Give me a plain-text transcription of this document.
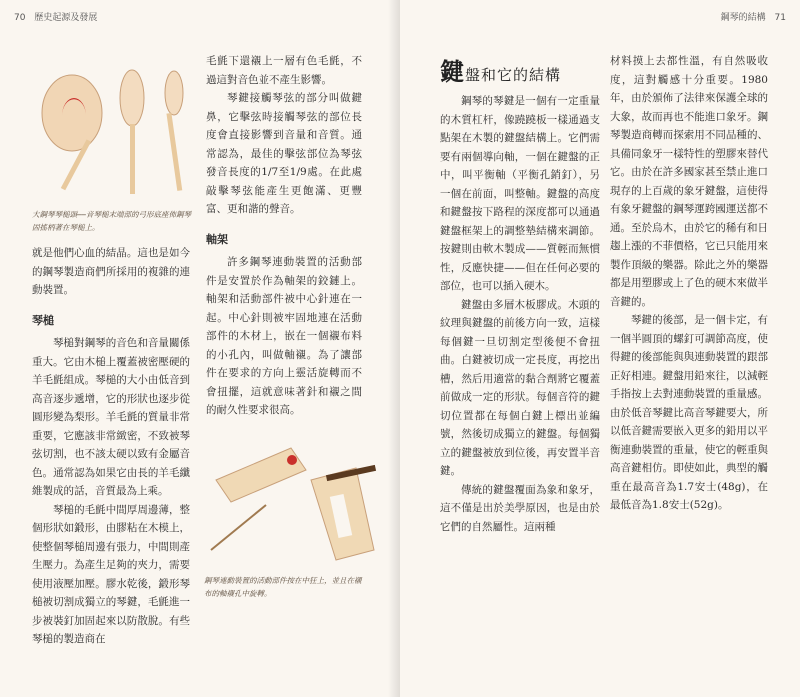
70 歷史起源及發展
大鋼琴琴槌頭——音琴槌末端部的弓形底座佈鋼琴固搖柄著在琴槌上。

就是他們心血的結晶。這也是如今的鋼琴製造商們所採用的複雜的連動裝置。

琴槌

琴槌對鋼琴的音色和音量關係重大。它由木槌上覆蓋被密壓硬的羊毛氈組成。琴槌的大小由低音到高音逐步遞增，它的形狀也逐步從圓形變為梨形。羊毛氈的質量非常重要，它應該非常緻密，不致被琴弦切割，也不該太硬以致有金屬音色。通常認為如果它由長的羊毛纖維製成的話，音質最為上乘。

琴槌的毛氈中間厚周邊薄，整個形狀如鍛形，由膠粘在木模上，使整個琴槌周邊有張力，中間則產生壓力。為產生足夠的夾力，需要使用液壓加壓。膠水乾後，鍛形琴槌被切割成獨立的琴鍵，毛氈進一步被裝釘加固起來以防散脫。有些琴槌的製造商在

毛氈下還襯上一層有色毛氈，不過這對音色並不產生影響。

琴鍵接觸琴弦的部分叫做鍵鼻，它擊弦時接觸琴弦的部位長度會直接影響到音量和音質。通常認為，最佳的擊弦部位為琴弦發音長度的1/7至1/9處。在此處敲擊琴弦能產生更飽滿、更豐富、更和諧的聲音。

軸架

許多鋼琴連動裝置的活動部件是安置於作為軸架的鉸鏈上。軸架和活動部件被中心針連在一起。中心針則被牢固地連在活動部件的木材上，嵌在一個襯布料的小孔內，叫做軸襯。為了讓部件在要求的方向上靈活旋轉而不會扭擺，這就意味著針和襯之間的耐久性要求很高。

鋼琴連動裝置的活動部件按在中狂上，並且在襯布的軸襯孔中旋轉。
鋼琴的結構 71
鍵盤和它的結構

鋼琴的琴鍵是一個有一定重量的木質杠杆，像蹺蹺板一樣通過支點架在木製的鍵盤結構上。它們需要有兩個導向軸，一個在鍵盤的正中，叫平衡軸（平衡孔銷釘），另一個在前面，叫整軸。鍵盤的高度和鍵盤按下路程的深度都可以通過鍵盤框架上的調整墊結構來調節。按鍵則由軟木製成——質輕而無慣性，反應快捷——但在任何必要的部位，也可以插入硬木。

鍵盤由多層木板膠成。木頭的紋理與鍵盤的前後方向一致，這樣每個鍵一旦切割定型後便不會扭曲。白鍵被切成一定長度，再挖出槽，然后用適當的黏合劑將它覆蓋前做成一定的形狀。每個音符的鍵切位置都在每個白鍵上標出並編號，然後切成獨立的鍵盤。每個獨立的鍵盤被放到位後，再安置半音鍵。

傳統的鍵盤覆面為象和象牙，這不僅是出於美學原因，也是由於它們的自然屬性。這兩種

材料摸上去都性溫，有自然吸收度，這對觸感十分重要。1980年，由於頒佈了法律來保護全球的大象，故而再也不能進口象牙。鋼琴製造商轉而探索用不同品種的、具備同象牙一樣特性的塑膠來替代它。由於在許多國家甚至禁止進口現存的上百歲的象牙鍵盤，這使得有象牙鍵盤的鋼琴運跨國運送都不通。至於烏木，由於它的稀有和日趨上漲的不菲價格，它已只能用來製作頂級的樂器。除此之外的樂器都是用塑膠或上了色的硬木來做半音鍵的。

琴鍵的後部，是一個卡定，有一個半圓頂的螺釘可調節高度，使得鍵的後部能與與連動裝置的跟部正好相連。鍵盤用鉛來往，以減輕手指按上去對連動裝置的重量感。由於低音琴鍵比高音琴鍵要大，所以低音鍵需要嵌入更多的鉛用以平衡連動裝置的重量，使它的輕重與高音鍵相仿。即使如此，典型的觸重在最高音為1.7安士(48g)，在最低音為1.8安士(52g)。
